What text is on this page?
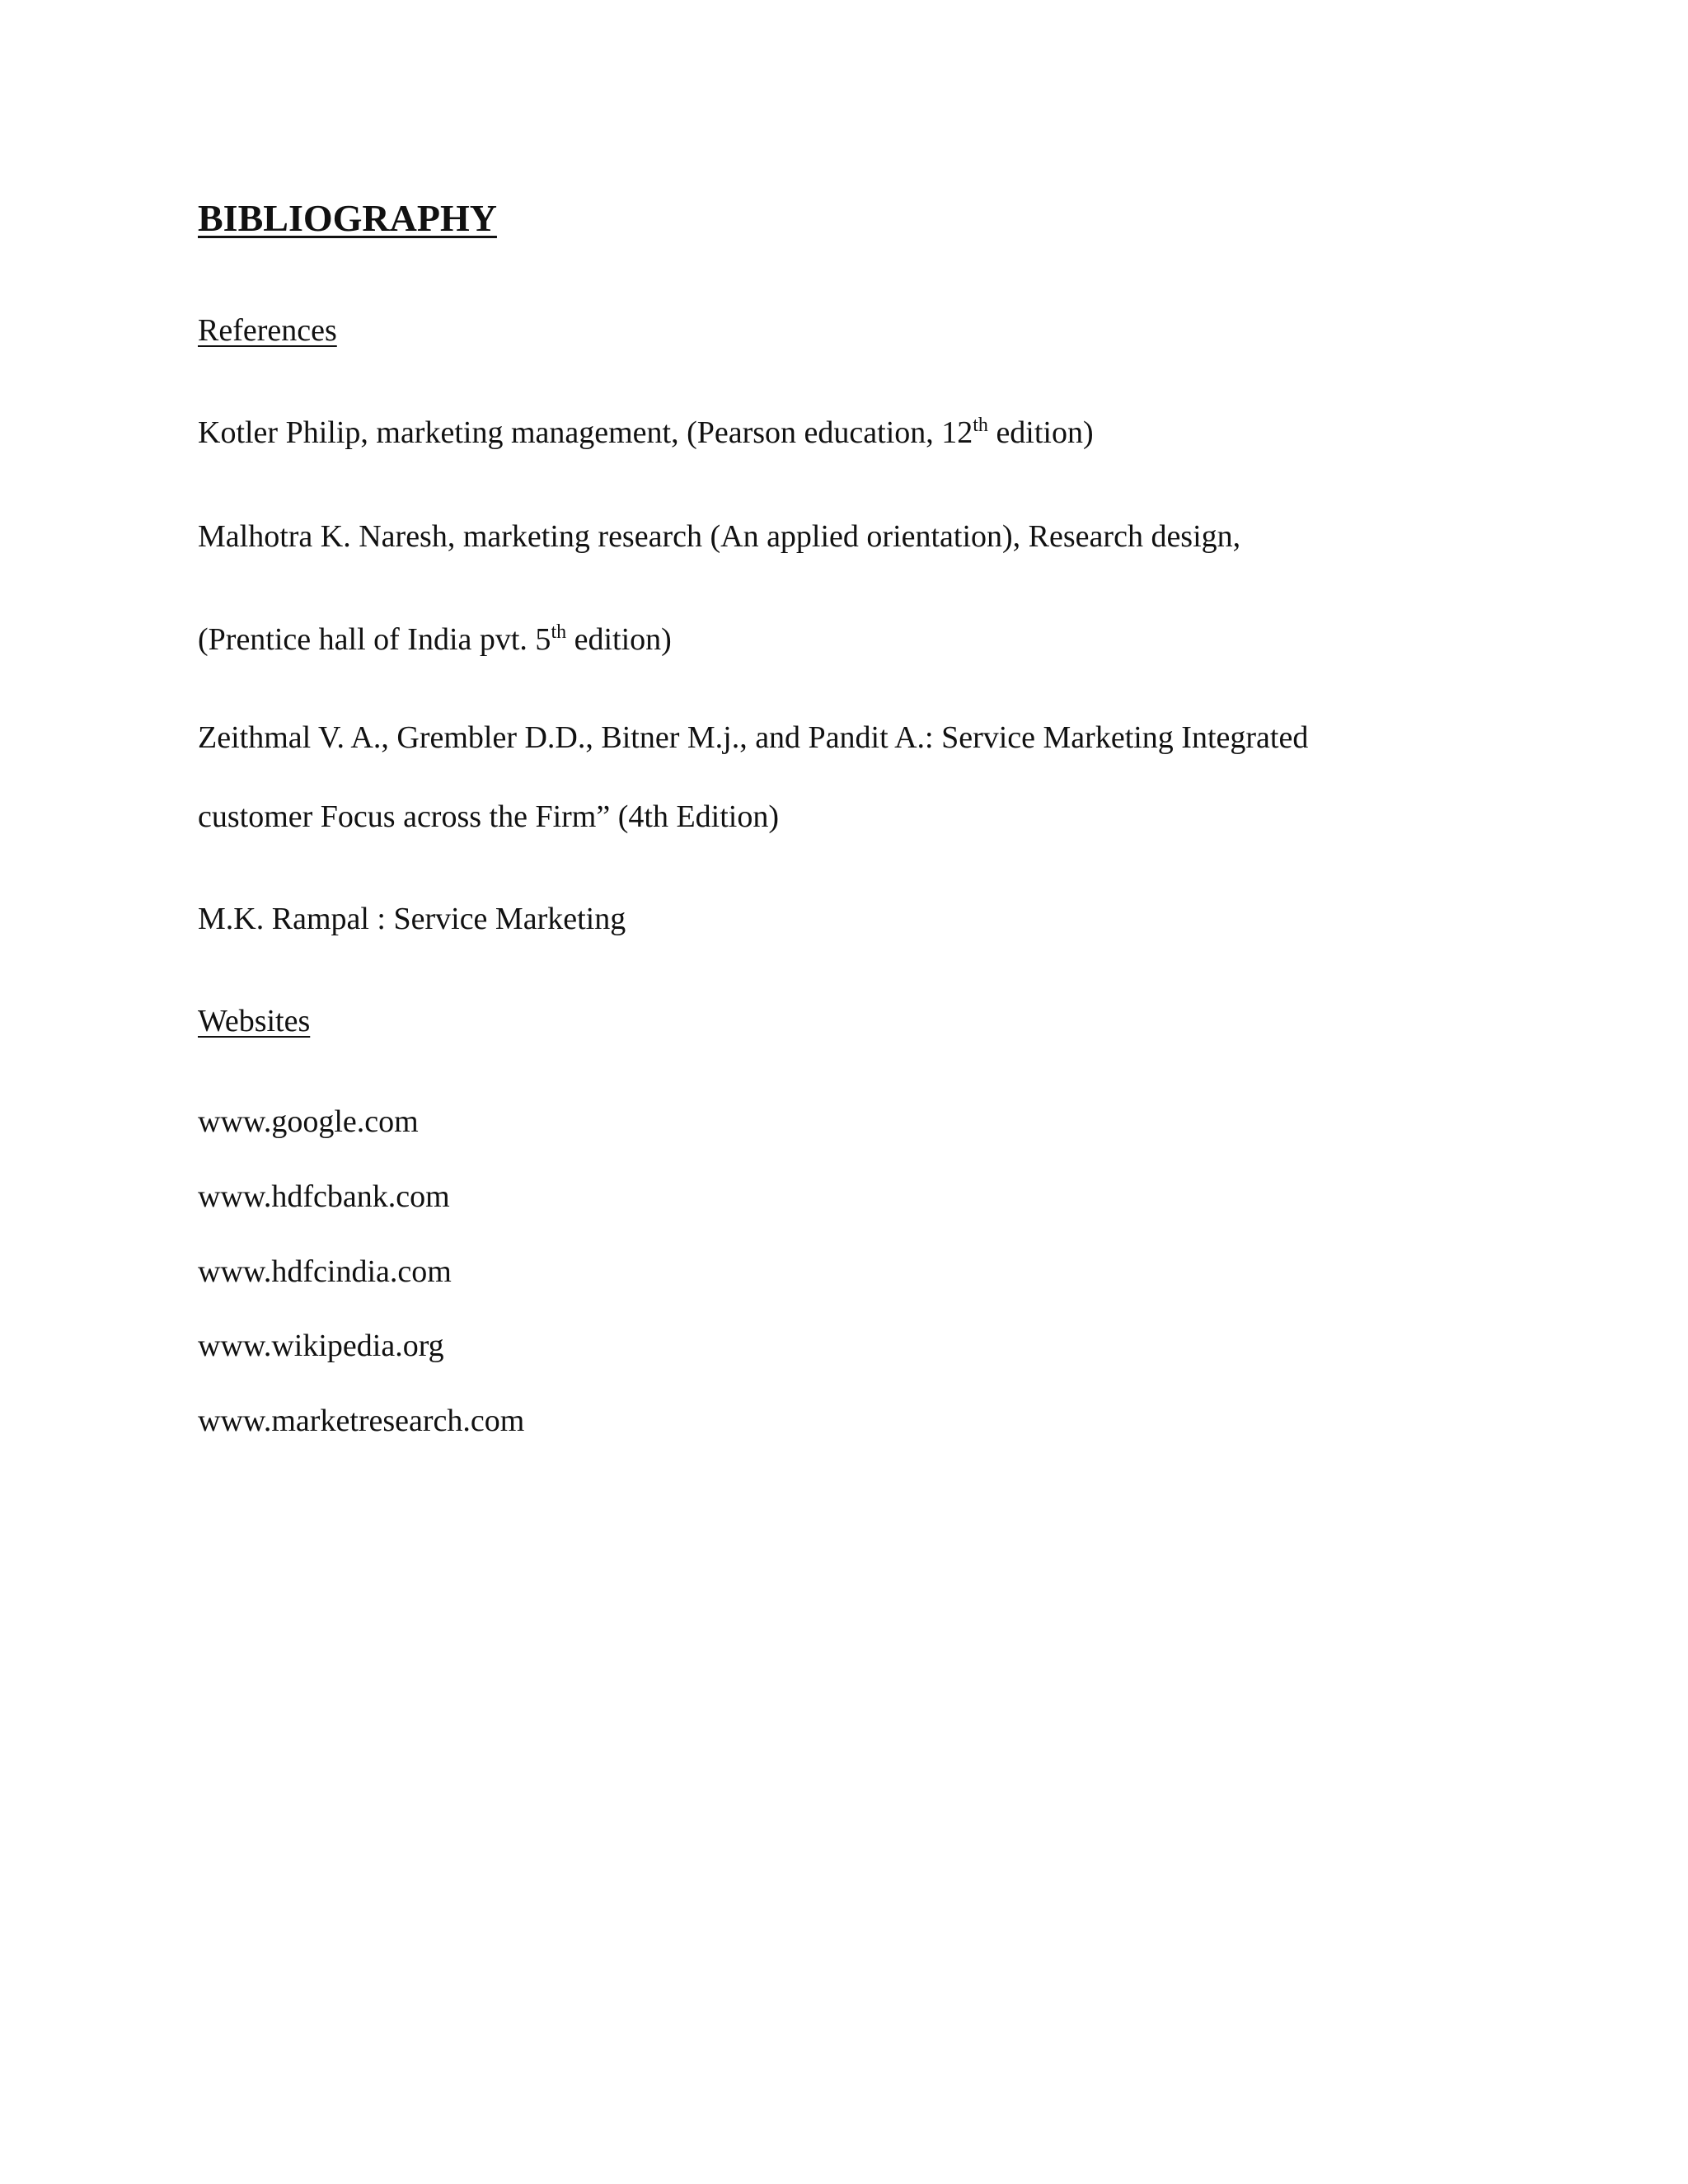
BIBLIOGRAPHY
References
Kotler Philip, marketing management, (Pearson education, 12th edition)
Malhotra K. Naresh, marketing research (An applied orientation), Research design,
(Prentice hall of India pvt. 5th edition)
Zeithmal V. A., Grembler D.D., Bitner M.j., and Pandit A.: Service Marketing Integrated
customer Focus across the Firm” (4th Edition)
M.K. Rampal : Service Marketing
Websites
www.google.com
www.hdfcbank.com
www.hdfcindia.com
www.wikipedia.org
www.marketresearch.com
